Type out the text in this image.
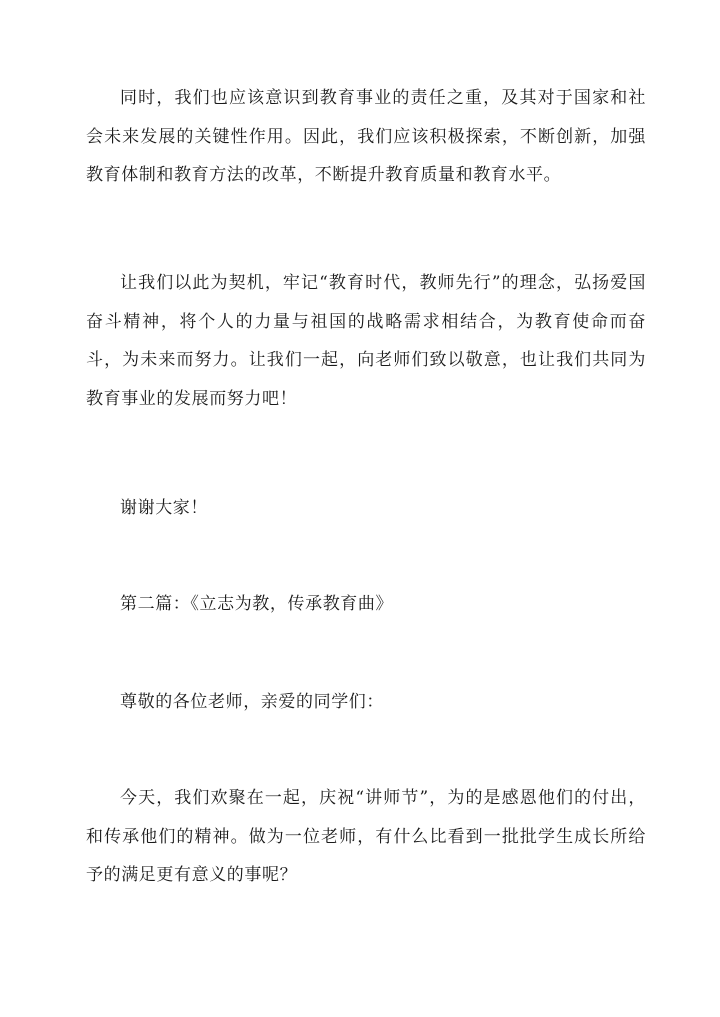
同时，我们也应该意识到教育事业的责任之重，及其对于国家和社会未来发展的关键性作用。因此，我们应该积极探索，不断创新，加强教育体制和教育方法的改革，不断提升教育质量和教育水平。

让我们以此为契机，牢记“教育时代，教师先行”的理念，弘扬爱国奋斗精神，将个人的力量与祖国的战略需求相结合，为教育使命而奋斗，为未来而努力。让我们一起，向老师们致以敬意，也让我们共同为教育事业的发展而努力吧！

谢谢大家！

第二篇：《立志为教，传承教育曲》

尊敬的各位老师，亲爱的同学们：

今天，我们欢聚在一起，庆祝“讲师节”，为的是感恩他们的付出，和传承他们的精神。做为一位老师，有什么比看到一批批学生成长所给予的满足更有意义的事呢？
